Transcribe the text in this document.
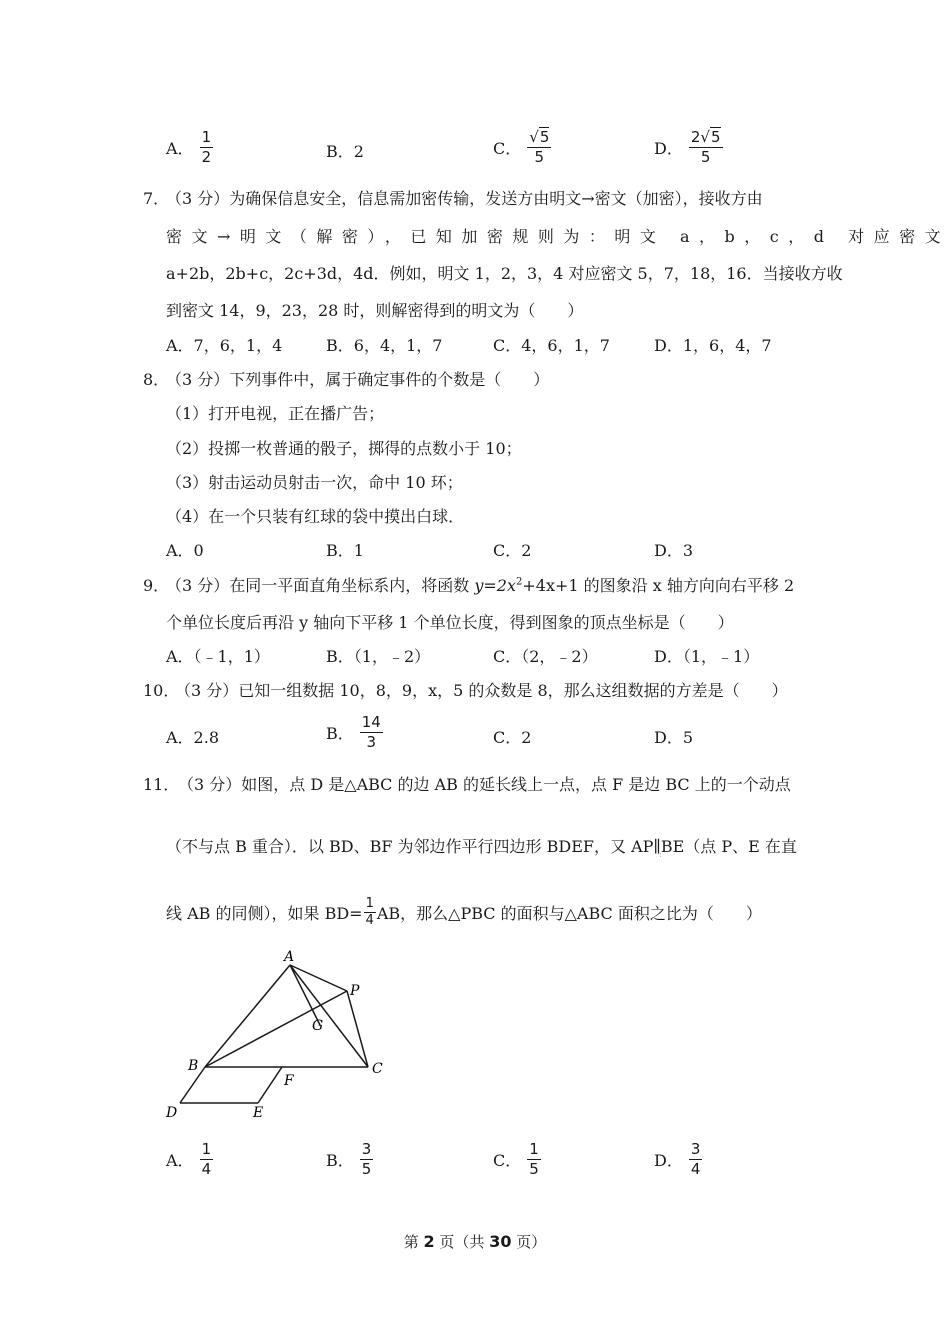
A． $\frac{1}{2}$	B．2	C． $\frac{√5}{5}$	D． $\frac{2√5}{5}$
7．
（3 分）为确保信息安全，信息需加密传输，发送方由明文→密文（加密），接收方由
密文→明文（解密），已知加密规则为：明文 a，b，c，d 对应密文
a+2b，2b+c，2c+3d，4d．例如，明文 1，2，3，4 对应密文 5，7，18，16．当接收方收
到密文 14，9，23，28 时，则解密得到的明文为（　　）
A．7，6，1，4	B．6，4，1，7	C．4，6，1，7	D．1，6，4，7
8．
（3 分）下列事件中，属于确定事件的个数是（　　）
（1）打开电视，正在播广告；
（2）投掷一枚普通的骰子，掷得的点数小于 10；
（3）射击运动员射击一次，命中 10 环；
（4）在一个只装有红球的袋中摸出白球．
A．0	B．1	C．2	D．3
9．
（3 分）在同一平面直角坐标系内，将函数 $y=2x^2+4x+1$ 的图象沿 x 轴方向向右平移 2
个单位长度后再沿 y 轴向下平移 1 个单位长度，得到图象的顶点坐标是（　　）
A．（﹣1，1）	B．（1，﹣2）	C．（2，﹣2）	D．（1，﹣1）
10．
（3 分）已知一组数据 10，8，9，x，5 的众数是 8，那么这组数据的方差是（　　）
A．2.8	B． $\frac{14}{3}$	C．2	D．5
11．
（3 分）如图，点 D 是△ABC 的边 AB 的延长线上一点，点 F 是边 BC 上的一个动点
（不与点 B 重合）．以 BD、BF 为邻边作平行四边形 BDEF，又 AP∥BE（点 P、E 在直
线 AB 的同侧），如果 $BD= \frac{1}{4}$ AB，那么△PBC 的面积与△ABC 面积之比为（　　）
A
P
G
B	C
F
D	E
A． $\frac{1}{4}$	B． $\frac{3}{5}$	C． $\frac{1}{5}$	D． $\frac{3}{4}$
第 2 页（共 30 页）
